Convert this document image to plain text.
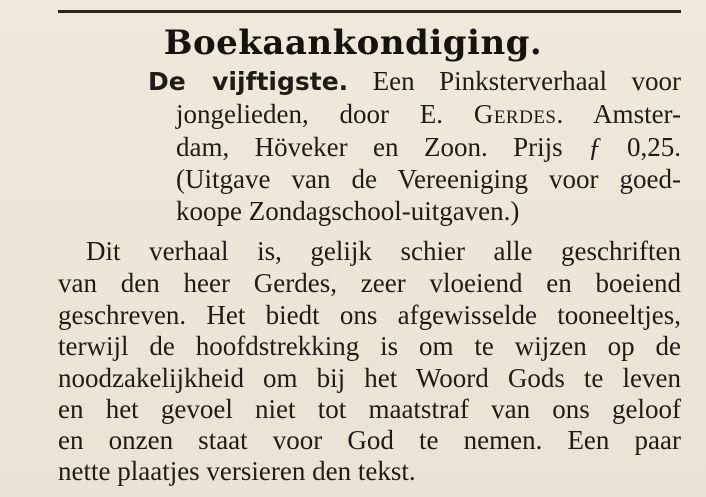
Boekaankondiging.
De vijftigste. Een Pinksterverhaal voor
jongelieden, door E. Gerdes. Amster-
dam, Höveker en Zoon. Prijs ƒ 0,25.
(Uitgave van de Vereeniging voor goed-
koope Zondagschool-uitgaven.)
Dit verhaal is, gelijk schier alle geschriften
van den heer Gerdes, zeer vloeiend en boeiend
geschreven. Het biedt ons afgewisselde tooneeltjes,
terwijl de hoofdstrekking is om te wijzen op de
noodzakelijkheid om bij het Woord Gods te leven
en het gevoel niet tot maatstraf van ons geloof
en onzen staat voor God te nemen. Een paar
nette plaatjes versieren den tekst.
